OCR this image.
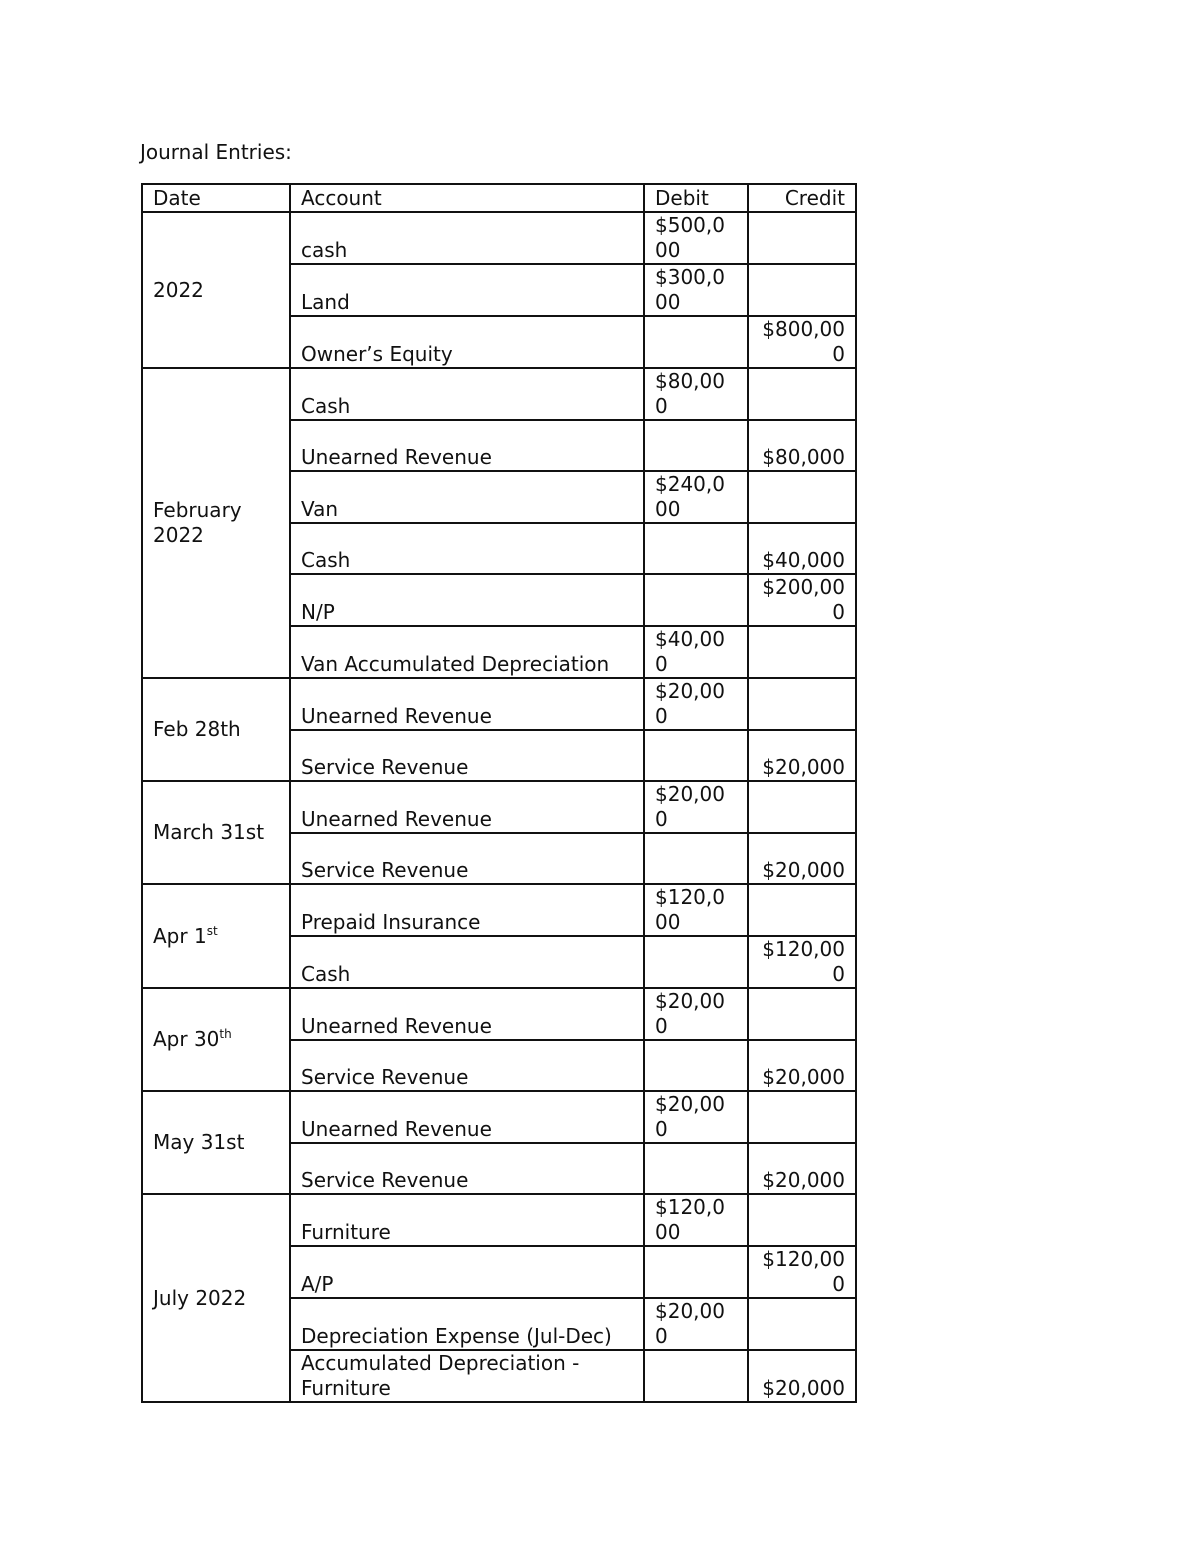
Journal Entries:
Date	Account	Debit	Credit
2022	cash	$500,000	
	Land	$300,000	
	Owner’s Equity		$800,000
February 2022	Cash	$80,000	
	Unearned Revenue		$80,000
	Van	$240,000	
	Cash		$40,000
	N/P		$200,000
	Van Accumulated Depreciation	$40,000	
Feb 28th	Unearned Revenue	$20,000	
	Service Revenue		$20,000
March 31st	Unearned Revenue	$20,000	
	Service Revenue		$20,000
Apr 1st	Prepaid Insurance	$120,000	
	Cash		$120,000
Apr 30th	Unearned Revenue	$20,000	
	Service Revenue		$20,000
May 31st	Unearned Revenue	$20,000	
	Service Revenue		$20,000
July 2022	Furniture	$120,000	
	A/P		$120,000
	Depreciation Expense (Jul-Dec)	$20,000	
	Accumulated Depreciation - Furniture		$20,000
